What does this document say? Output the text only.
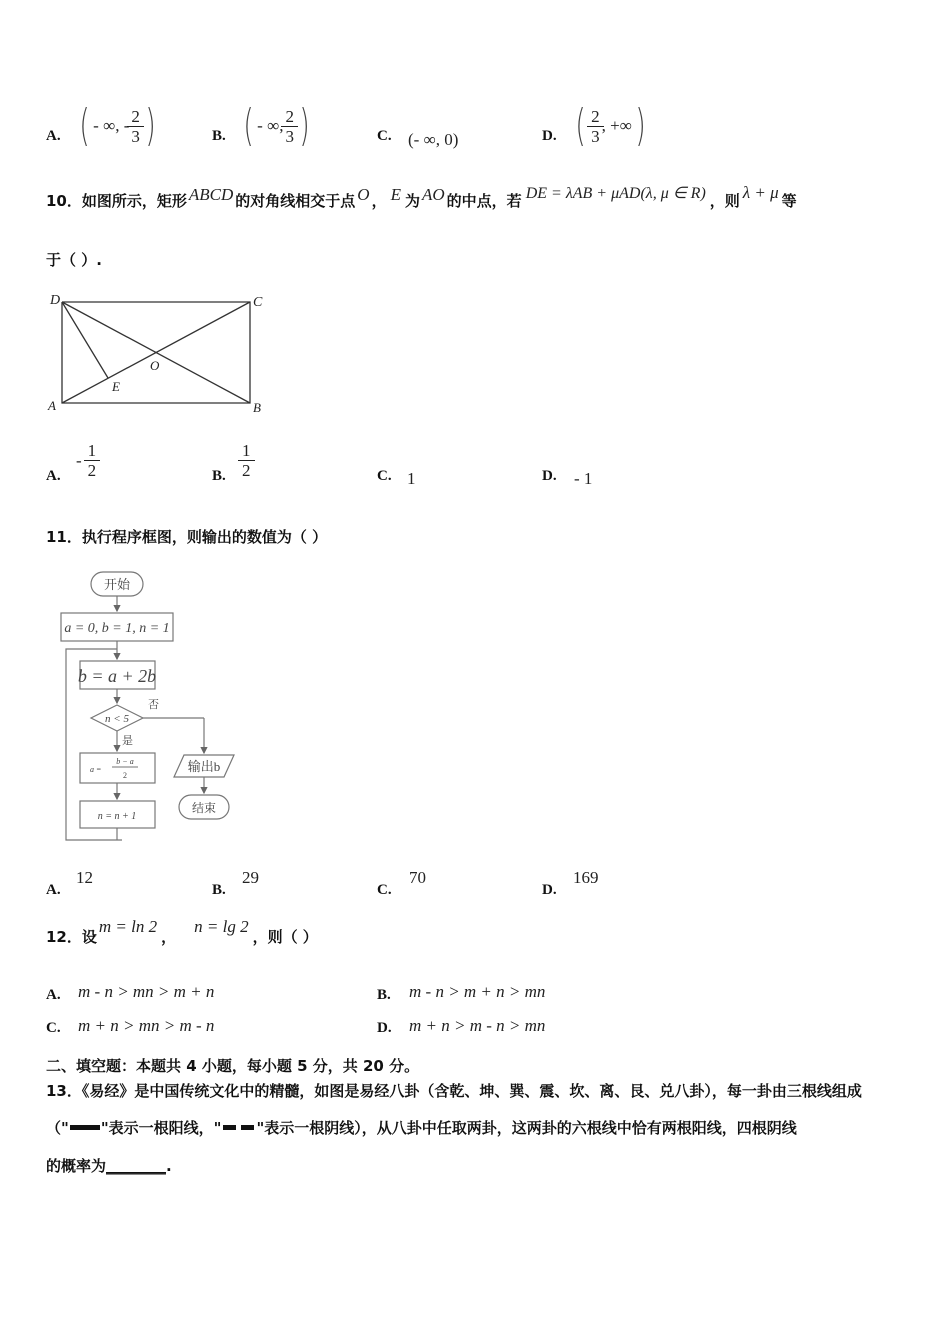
A. ( - ∞, - $\frac{2}{3}$ )	B. ( - ∞, $\frac{2}{3}$ )	C. (- ∞, 0)	D. ( $\frac{2}{3}$ , +∞ )
10． 如图所示，矩形 ABCD 的对角线相交于点 O ， E 为 AO 的中点，若 DE = λAB + μAD(λ, μ ∈ R) ，则 λ + μ 等
于（ ）.
D	C
A	B
O
E
A.
- $\frac{1}{2}$	B. $\frac{1}{2}$	C. 1	D. - 1
11．执行程序框图，则输出的数值为（ ）
开始
a = 0, b = 1, n = 1
b = a + 2b
n < 5
否
是
a =
b − a
2
n = n + 1
输出b
结束
A.
12
B.
29
C.
70
D.
169
12．设
m = ln 2
，
n = lg 2
，则（ ）
A. m - n > mn > m + n	B. m - n > m + n > mn
C. m + n > mn > m - n	D. m + n > m - n > mn
二、填空题：本题共 4 小题，每小题 5 分，共 20 分。
13．《易经》是中国传统文化中的精髓，如图是易经八卦（含乾、坤、巽、震、坎、离、艮、兑八卦），每一卦由三根线组成
（" "表示一根阳线，" "表示一根阴线），从八卦中任取两卦，这两卦的六根线中恰有两根阳线，四根阴线
的概率为________.
